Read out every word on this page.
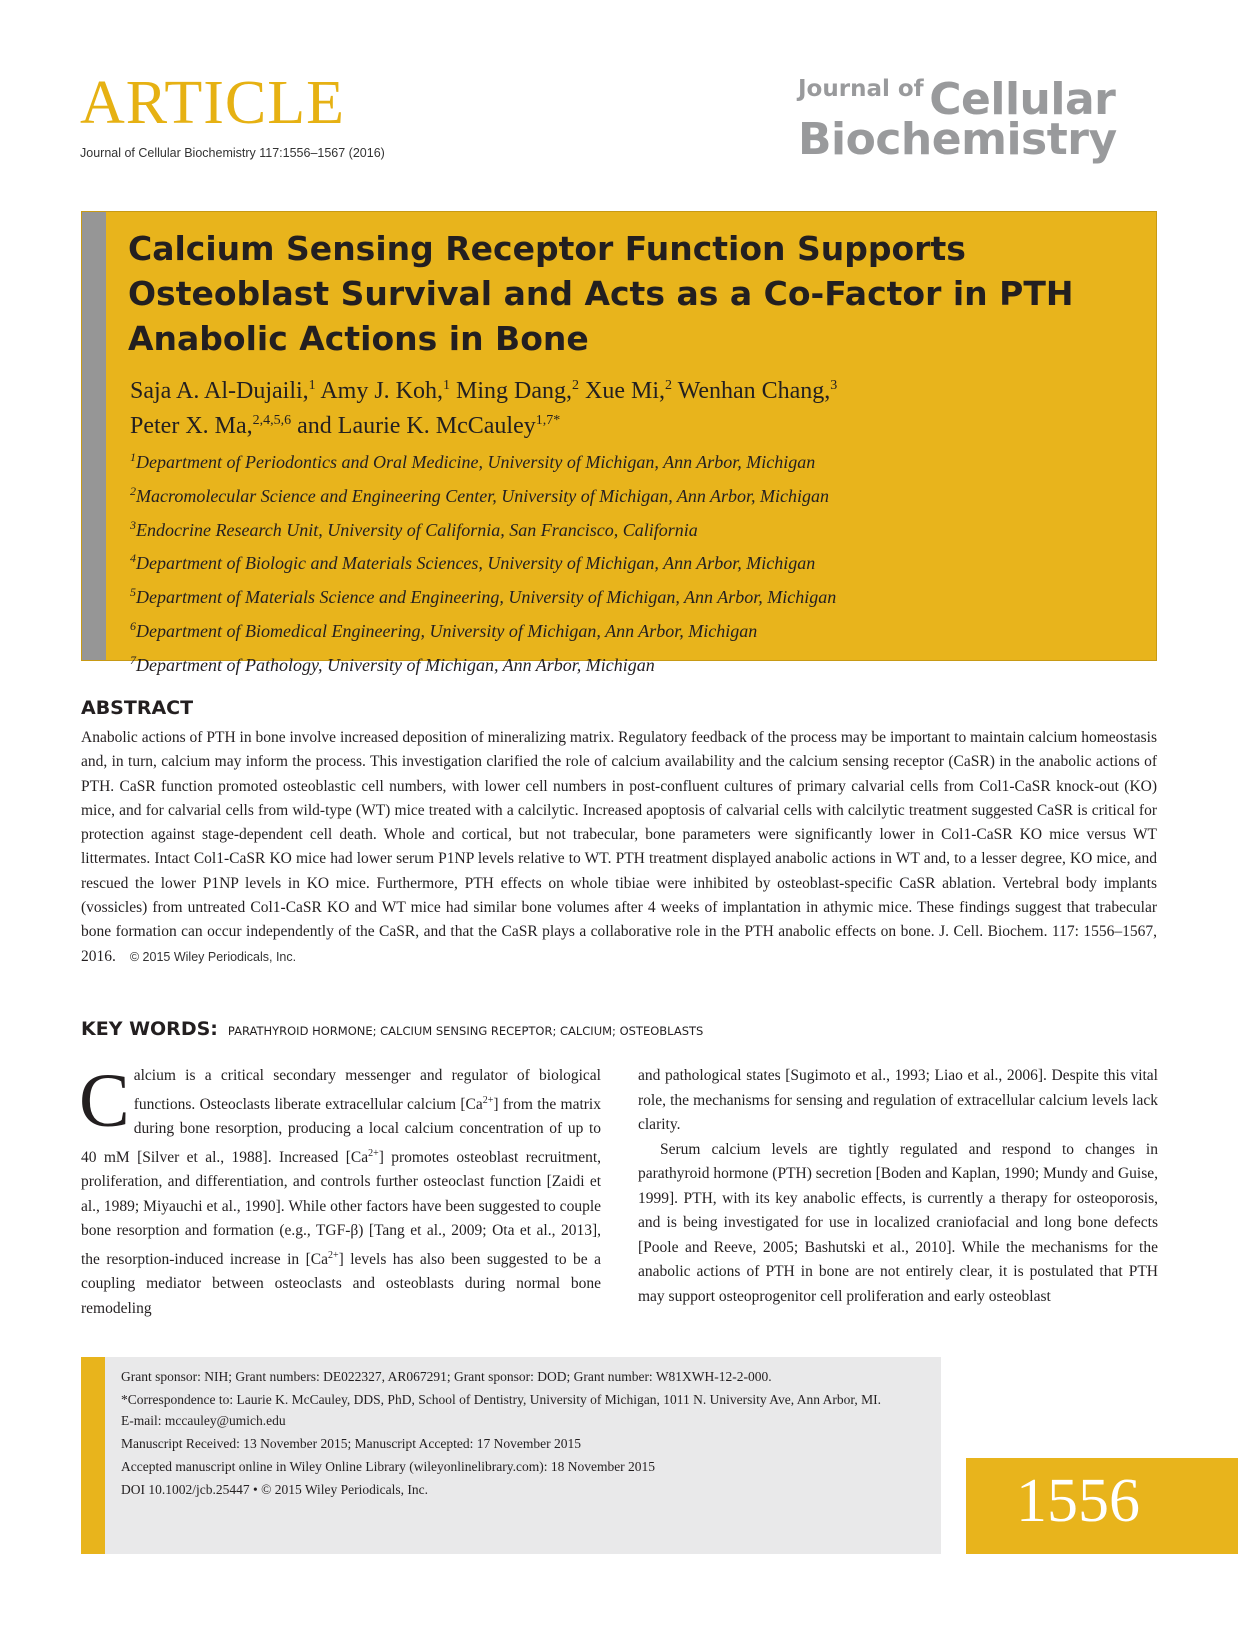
ARTICLE
Journal of Cellular Biochemistry 117:1556–1567 (2016)
Journal of Cellular
Biochemistry
Calcium Sensing Receptor Function Supports Osteoblast Survival and Acts as a Co-Factor in PTH Anabolic Actions in Bone
Saja A. Al-Dujaili,$^1$ Amy J. Koh,$^1$ Ming Dang,$^2$ Xue Mi,$^2$ Wenhan Chang,$^3$
Peter X. Ma,$^{2,4,5,6}$ and Laurie K. McCauley$^{1,7*}$
$^1$Department of Periodontics and Oral Medicine, University of Michigan, Ann Arbor, Michigan
$^2$Macromolecular Science and Engineering Center, University of Michigan, Ann Arbor, Michigan
$^3$Endocrine Research Unit, University of California, San Francisco, California
$^4$Department of Biologic and Materials Sciences, University of Michigan, Ann Arbor, Michigan
$^5$Department of Materials Science and Engineering, University of Michigan, Ann Arbor, Michigan
$^6$Department of Biomedical Engineering, University of Michigan, Ann Arbor, Michigan
$^7$Department of Pathology, University of Michigan, Ann Arbor, Michigan
ABSTRACT
Anabolic actions of PTH in bone involve increased deposition of mineralizing matrix. Regulatory feedback of the process may be important to maintain calcium homeostasis and, in turn, calcium may inform the process. This investigation clarified the role of calcium availability and the calcium sensing receptor (CaSR) in the anabolic actions of PTH. CaSR function promoted osteoblastic cell numbers, with lower cell numbers in post-confluent cultures of primary calvarial cells from Col1-CaSR knock-out (KO) mice, and for calvarial cells from wild-type (WT) mice treated with a calcilytic. Increased apoptosis of calvarial cells with calcilytic treatment suggested CaSR is critical for protection against stage-dependent cell death. Whole and cortical, but not trabecular, bone parameters were significantly lower in Col1-CaSR KO mice versus WT littermates. Intact Col1-CaSR KO mice had lower serum P1NP levels relative to WT. PTH treatment displayed anabolic actions in WT and, to a lesser degree, KO mice, and rescued the lower P1NP levels in KO mice. Furthermore, PTH effects on whole tibiae were inhibited by osteoblast-specific CaSR ablation. Vertebral body implants (vossicles) from untreated Col1-CaSR KO and WT mice had similar bone volumes after 4 weeks of implantation in athymic mice. These findings suggest that trabecular bone formation can occur independently of the CaSR, and that the CaSR plays a collaborative role in the PTH anabolic effects on bone. J. Cell. Biochem. 117: 1556–1567, 2016. © 2015 Wiley Periodicals, Inc.
KEY WORDS: PARATHYROID HORMONE; CALCIUM SENSING RECEPTOR; CALCIUM; OSTEOBLASTS

Calcium is a critical secondary messenger and regulator of biological functions. Osteoclasts liberate extracellular calcium $[Ca^{2+}]$ from the matrix during bone resorption, producing a local calcium concentration of up to 40 mM [Silver et al., 1988]. Increased $[Ca^{2+}]$ promotes osteoblast recruitment, proliferation, and differentiation, and controls further osteoclast function [Zaidi et al., 1989; Miyauchi et al., 1990]. While other factors have been suggested to couple bone resorption and formation (e.g., TGF-β) [Tang et al., 2009; Ota et al., 2013], the resorption-induced increase in $[Ca^{2+}]$ levels has also been suggested to be a coupling mediator between osteoclasts and osteoblasts during normal bone remodeling

and pathological states [Sugimoto et al., 1993; Liao et al., 2006]. Despite this vital role, the mechanisms for sensing and regulation of extracellular calcium levels lack clarity.

Serum calcium levels are tightly regulated and respond to changes in parathyroid hormone (PTH) secretion [Boden and Kaplan, 1990; Mundy and Guise, 1999]. PTH, with its key anabolic effects, is currently a therapy for osteoporosis, and is being investigated for use in localized craniofacial and long bone defects [Poole and Reeve, 2005; Bashutski et al., 2010]. While the mechanisms for the anabolic actions of PTH in bone are not entirely clear, it is postulated that PTH may support osteoprogenitor cell proliferation and early osteoblast

Grant sponsor: NIH; Grant numbers: DE022327, AR067291; Grant sponsor: DOD; Grant number: W81XWH-12-2-000.
*Correspondence to: Laurie K. McCauley, DDS, PhD, School of Dentistry, University of Michigan, 1011 N. University Ave, Ann Arbor, MI.
E-mail: mccauley@umich.edu
Manuscript Received: 13 November 2015; Manuscript Accepted: 17 November 2015
Accepted manuscript online in Wiley Online Library (wileyonlinelibrary.com): 18 November 2015
DOI 10.1002/jcb.25447 • © 2015 Wiley Periodicals, Inc.	1556
